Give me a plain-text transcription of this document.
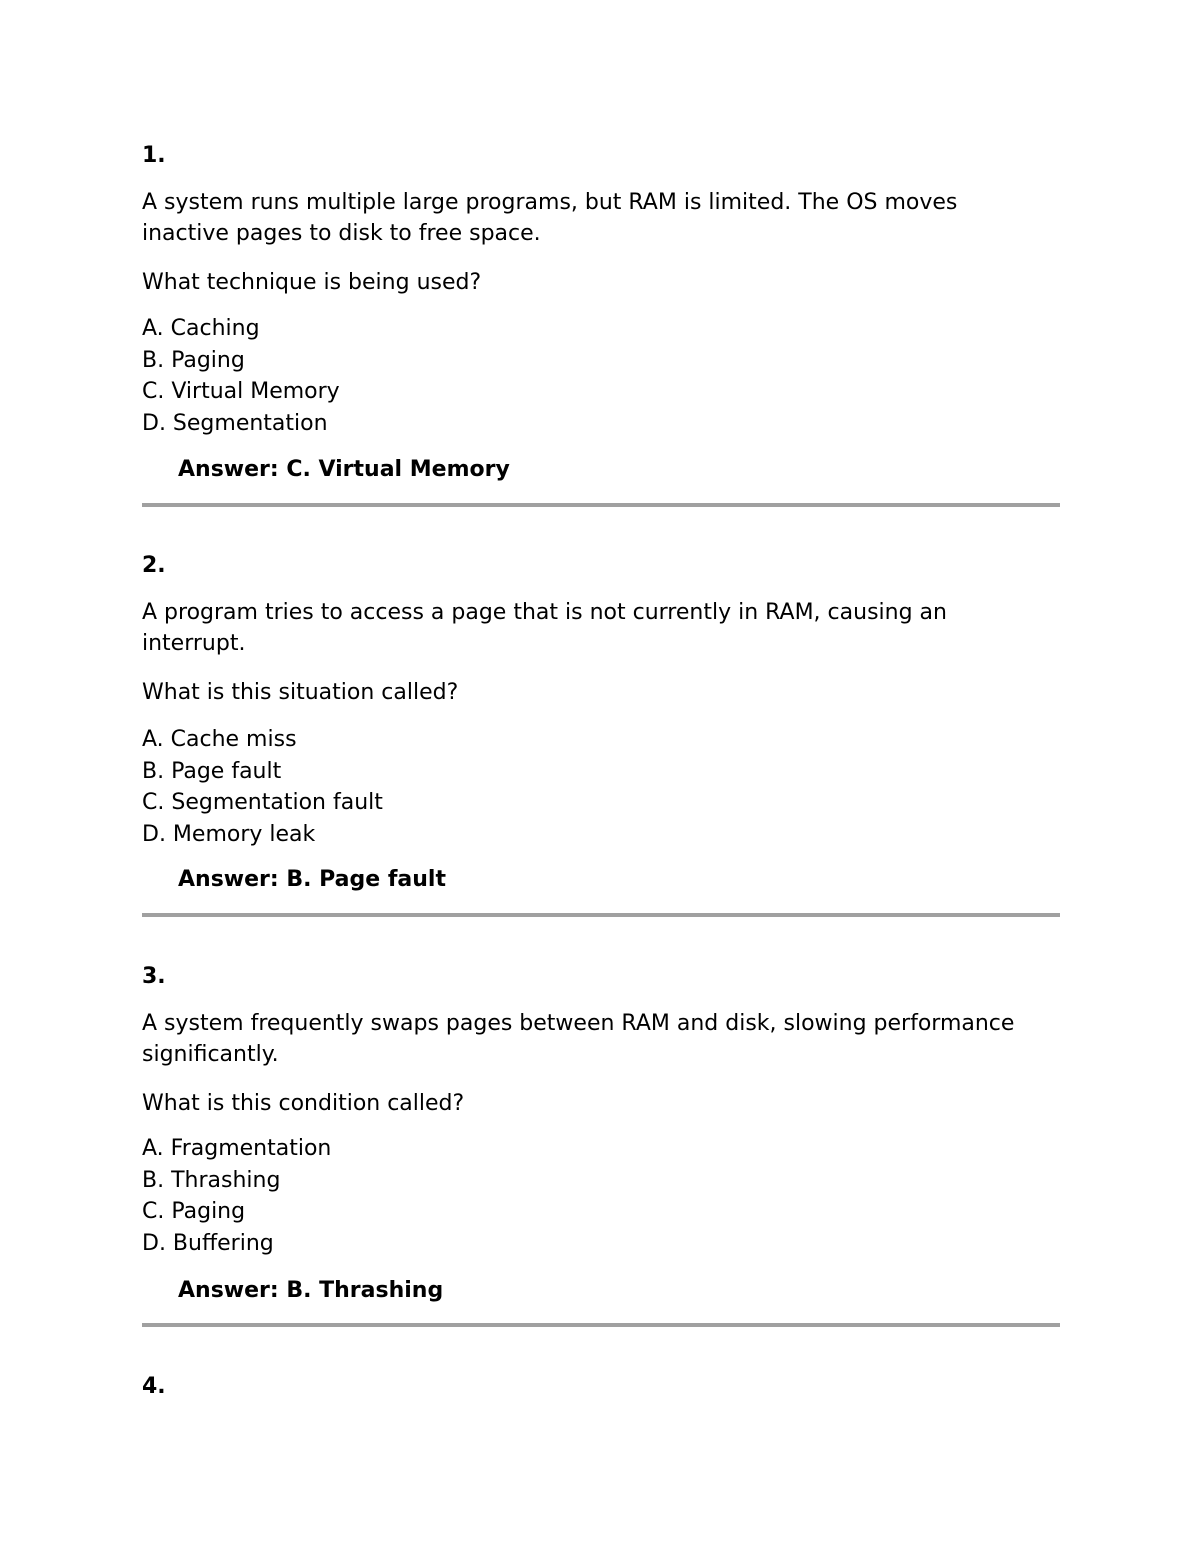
1.

A system runs multiple large programs, but RAM is limited. The OS moves inactive pages to disk to free space.

What technique is being used?

A. Caching
B. Paging
C. Virtual Memory
D. Segmentation

Answer: C. Virtual Memory

2.

A program tries to access a page that is not currently in RAM, causing an interrupt.

What is this situation called?

A. Cache miss
B. Page fault
C. Segmentation fault
D. Memory leak

Answer: B. Page fault

3.

A system frequently swaps pages between RAM and disk, slowing performance significantly.

What is this condition called?

A. Fragmentation
B. Thrashing
C. Paging
D. Buffering

Answer: B. Thrashing

4.
